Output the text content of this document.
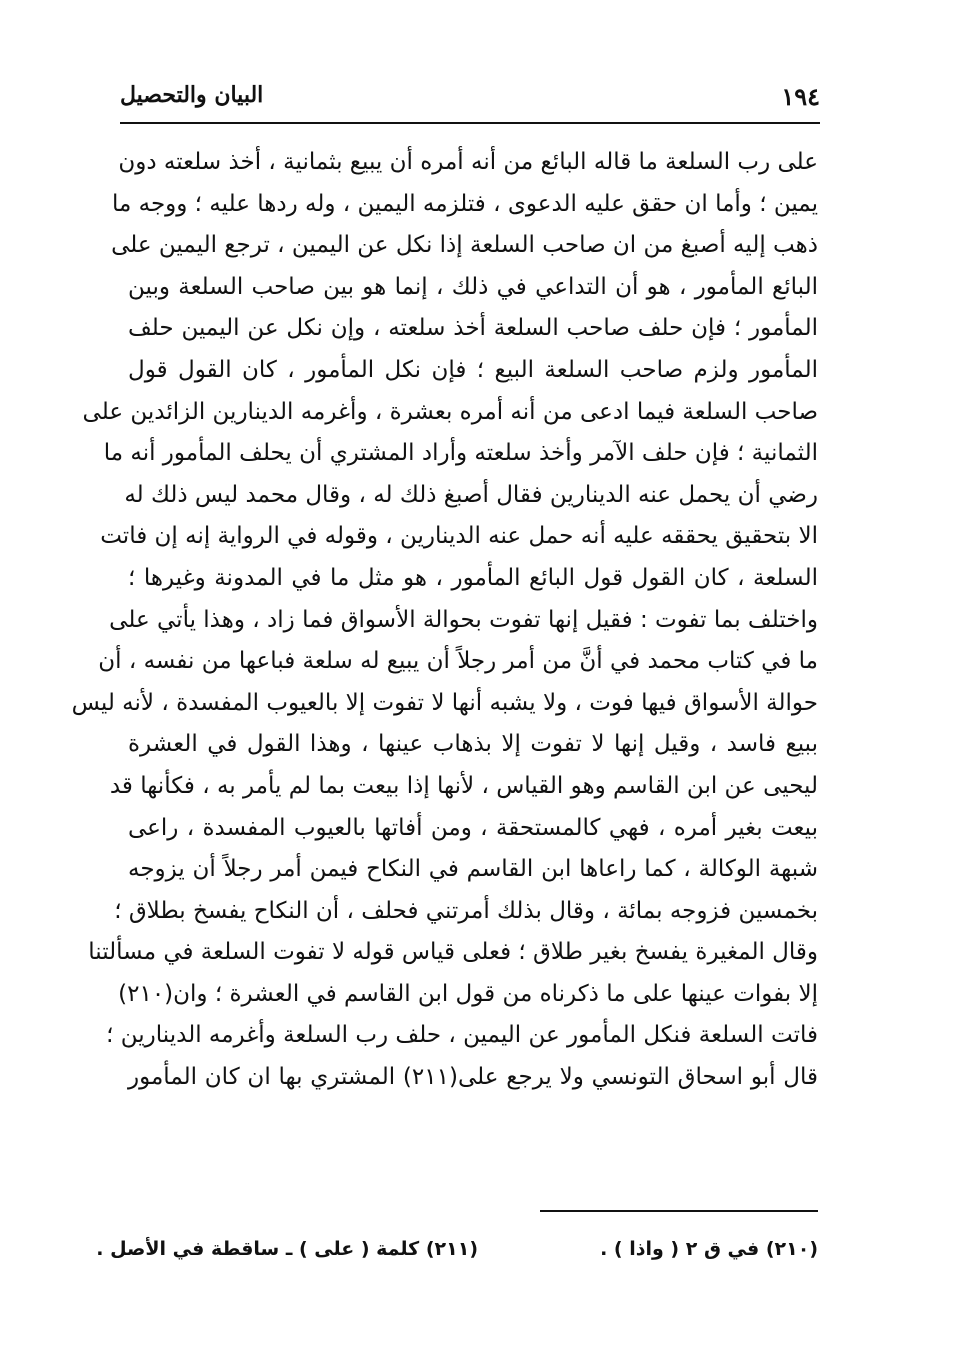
١٩٤
البيان والتحصيل
على رب السلعة ما قاله البائع من أنه أمره أن يبيع بثمانية ، أخذ سلعته دون
يمين ؛ وأما ان حقق عليه الدعوى ، فتلزمه اليمين ، وله ردها عليه ؛ ووجه ما
ذهب إليه أصبغ من ان صاحب السلعة إذا نكل عن اليمين ، ترجع اليمين على
البائع المأمور ، هو أن التداعي في ذلك ، إنما هو بين صاحب السلعة وبين
المأمور ؛ فإن حلف صاحب السلعة أخذ سلعته ، وإن نكل عن اليمين حلف
المأمور ولزم صاحب السلعة البيع ؛ فإن نكل المأمور ، كان القول قول
صاحب السلعة فيما ادعى من أنه أمره بعشرة ، وأغرمه الدينارين الزائدين على
الثمانية ؛ فإن حلف الآمر وأخذ سلعته وأراد المشتري أن يحلف المأمور أنه ما
رضي أن يحمل عنه الدينارين فقال أصبغ ذلك له ، وقال محمد ليس ذلك له
الا بتحقيق يحققه عليه أنه حمل عنه الدينارين ، وقوله في الرواية إنه إن فاتت
السلعة ، كان القول قول البائع المأمور ، هو مثل ما في المدونة وغيرها ؛
واختلف بما تفوت : فقيل إنها تفوت بحوالة الأسواق فما زاد ، وهذا يأتي على
ما في كتاب محمد في أنَّ من أمر رجلاً أن يبيع له سلعة فباعها من نفسه ، أن
حوالة الأسواق فيها فوت ، ولا يشبه أنها لا تفوت إلا بالعيوب المفسدة ، لأنه ليس
ببيع فاسد ، وقيل إنها لا تفوت إلا بذهاب عينها ، وهذا القول في العشرة
ليحيى عن ابن القاسم وهو القياس ، لأنها إذا بيعت بما لم يأمر به ، فكأنها قد
بيعت بغير أمره ، فهي كالمستحقة ، ومن أفاتها بالعيوب المفسدة ، راعى
شبهة الوكالة ، كما راعاها ابن القاسم في النكاح فيمن أمر رجلاً أن يزوجه
بخمسين فزوجه بمائة ، وقال بذلك أمرتني فحلف ، أن النكاح يفسخ بطلاق ؛
وقال المغيرة يفسخ بغير طلاق ؛ فعلى قياس قوله لا تفوت السلعة في مسألتنا
إلا بفوات عينها على ما ذكرناه من قول ابن القاسم في العشرة ؛ وان(٢١٠)
فاتت السلعة فنكل المأمور عن اليمين ، حلف رب السلعة وأغرمه الدينارين ؛
قال أبو اسحاق التونسي ولا يرجع على(٢١١) المشتري بها ان كان المأمور
(٢١٠) في ق ٢ ( واذا ) .
(٢١١) كلمة ( على ) ـ ساقطة في الأصل .
